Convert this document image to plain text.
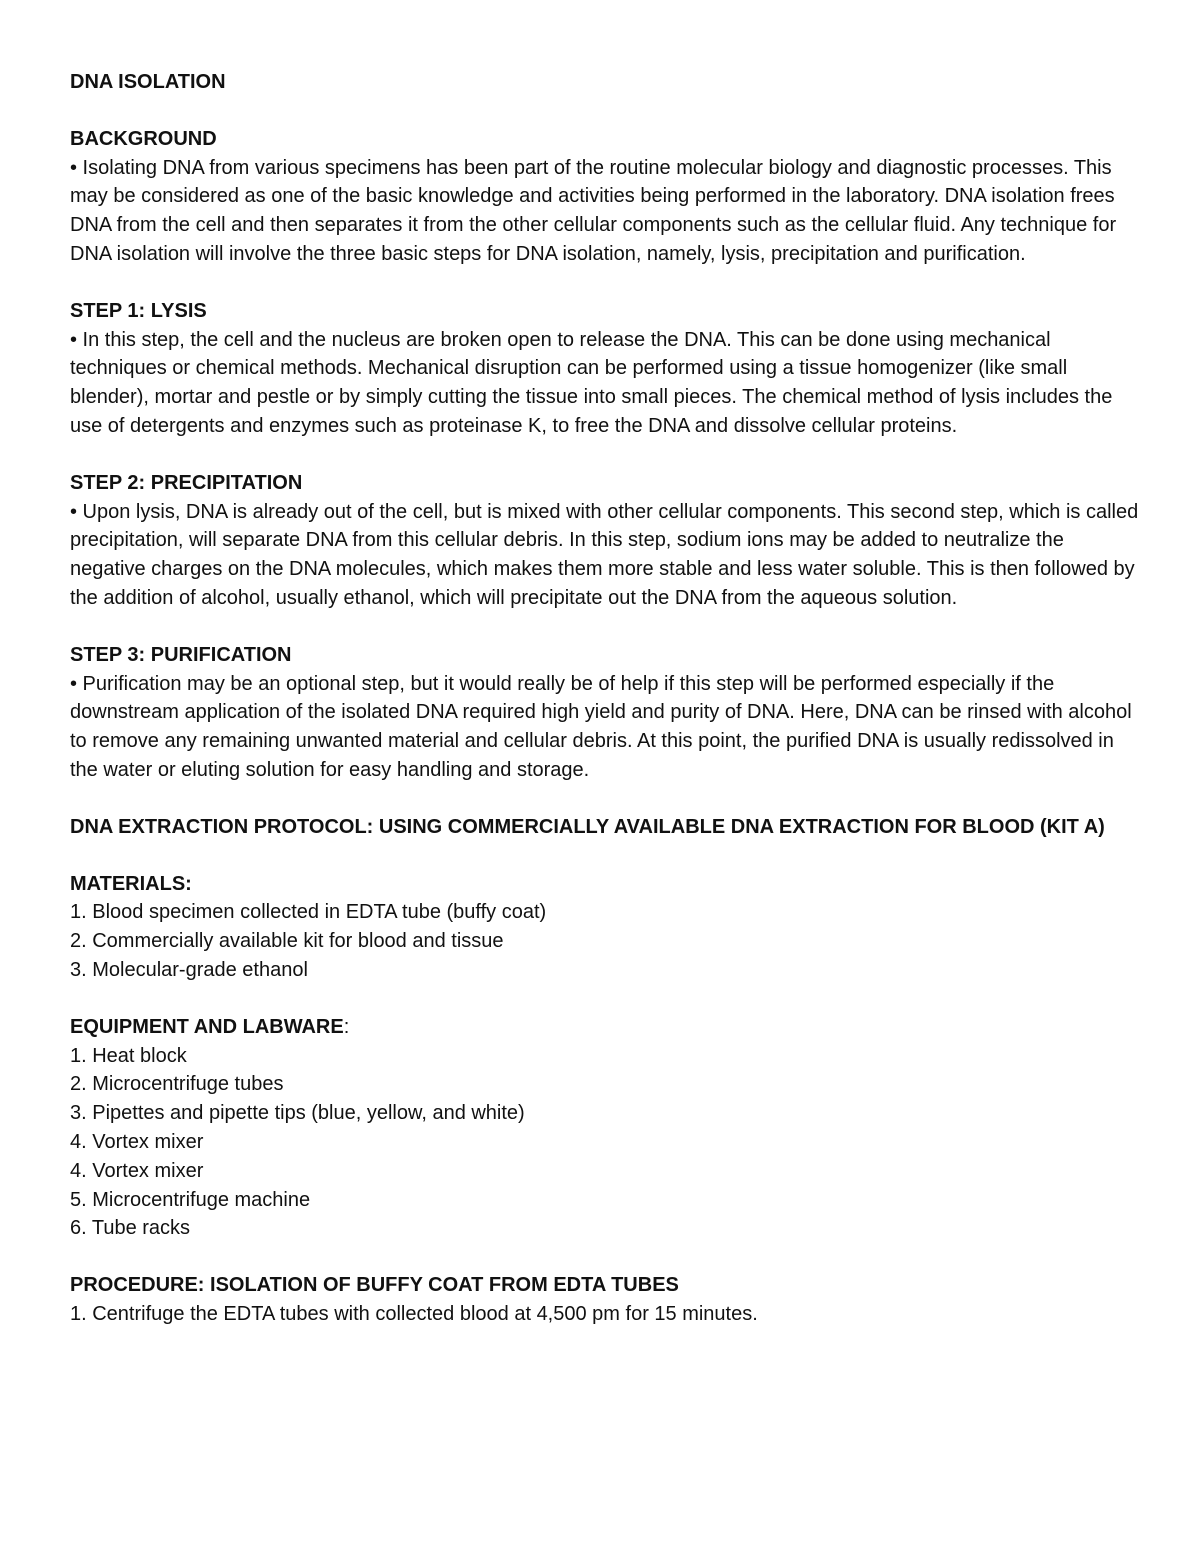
DNA ISOLATION

BACKGROUND

• Isolating DNA from various specimens has been part of the routine molecular biology and diagnostic processes. This may be considered as one of the basic knowledge and activities being performed in the laboratory. DNA isolation frees DNA from the cell and then separates it from the other cellular components such as the cellular fluid. Any technique for DNA isolation will involve the three basic steps for DNA isolation, namely, lysis, precipitation and purification.

STEP 1: LYSIS

• In this step, the cell and the nucleus are broken open to release the DNA. This can be done using mechanical techniques or chemical methods. Mechanical disruption can be performed using a tissue homogenizer (like small blender), mortar and pestle or by simply cutting the tissue into small pieces. The chemical method of lysis includes the use of detergents and enzymes such as proteinase K, to free the DNA and dissolve cellular proteins.

STEP 2: PRECIPITATION

• Upon lysis, DNA is already out of the cell, but is mixed with other cellular components. This second step, which is called precipitation, will separate DNA from this cellular debris. In this step, sodium ions may be added to neutralize the negative charges on the DNA molecules, which makes them more stable and less water soluble. This is then followed by the addition of alcohol, usually ethanol, which will precipitate out the DNA from the aqueous solution.

STEP 3: PURIFICATION

• Purification may be an optional step, but it would really be of help if this step will be performed especially if the downstream application of the isolated DNA required high yield and purity of DNA. Here, DNA can be rinsed with alcohol to remove any remaining unwanted material and cellular debris. At this point, the purified DNA is usually redissolved in the water or eluting solution for easy handling and storage.

DNA EXTRACTION PROTOCOL: USING COMMERCIALLY AVAILABLE DNA EXTRACTION FOR BLOOD (KIT A)

MATERIALS:

1. Blood specimen collected in EDTA tube (buffy coat)

2. Commercially available kit for blood and tissue

3. Molecular-grade ethanol

EQUIPMENT AND LABWARE:

1. Heat block

2. Microcentrifuge tubes

3. Pipettes and pipette tips (blue, yellow, and white)

4. Vortex mixer

4. Vortex mixer

5. Microcentrifuge machine

6. Tube racks

PROCEDURE: ISOLATION OF BUFFY COAT FROM EDTA TUBES

1. Centrifuge the EDTA tubes with collected blood at 4,500 pm for 15 minutes.
